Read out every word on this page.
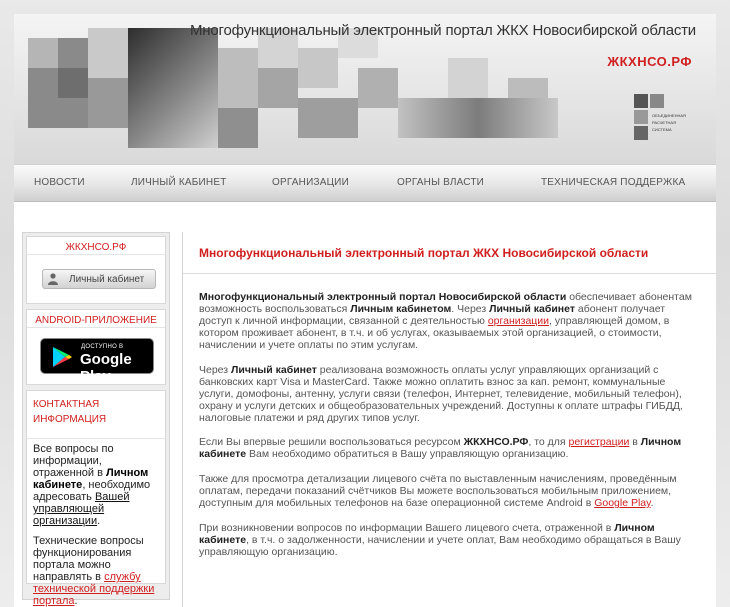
Многофункциональный электронный портал ЖКХ Новосибирской области
ЖКХНСО.РФ
ОБЪЕДИНЕННАЯ
РАСЧЕТНАЯ
СИСТЕМА
НОВОСТИ	ЛИЧНЫЙ КАБИНЕТ	ОРГАНИЗАЦИИ	ОРГАНЫ ВЛАСТИ	ТЕХНИЧЕСКАЯ ПОДДЕРЖКА
ЖКХНСО.РФ
Личный кабинет
ANDROID-ПРИЛОЖЕНИЕ
ДОСТУПНО В
Google Play
КОНТАКТНАЯ ИНФОРМАЦИЯ

Все вопросы по информации, отраженной в Личном кабинете, необходимо адресовать Вашей управляющей организации.

Технические вопросы функционирования портала можно направлять в службу технической поддержки портала.

Многофункциональный электронный портал ЖКХ Новосибирской области

Многофункциональный электронный портал Новосибирской области обеспечивает абонентам возможность воспользоваться Личным кабинетом. Через Личный кабинет абонент получает доступ к личной информации, связанной с деятельностью организации, управляющей домом, в котором проживает абонент, в т.ч. и об услугах, оказываемых этой организацией, о стоимости, начислении и учете оплаты по этим услугам.

Через Личный кабинет реализована возможность оплаты услуг управляющих организаций с банковских карт Visa и MasterCard. Также можно оплатить взнос за кап. ремонт, коммунальные услуги, домофоны, антенну, услуги связи (телефон, Интернет, телевидение, мобильный телефон), охрану и услуги детских и общеобразовательных учреждений. Доступны к оплате штрафы ГИБДД, налоговые платежи и ряд других типов услуг.

Если Вы впервые решили воспользоваться ресурсом ЖКХНСО.РФ, то для регистрации в Личном кабинете Вам необходимо обратиться в Вашу управляющую организацию.

Также для просмотра детализации лицевого счёта по выставленным начислениям, проведённым оплатам, передачи показаний счётчиков Вы можете воспользоваться мобильным приложением, доступным для мобильных телефонов на базе операционной системе Android в Google Play.

При возникновении вопросов по информации Вашего лицевого счета, отраженной в Личном кабинете, в т.ч. о задолженности, начислении и учете оплат, Вам необходимо обращаться в Вашу управляющую организацию.
